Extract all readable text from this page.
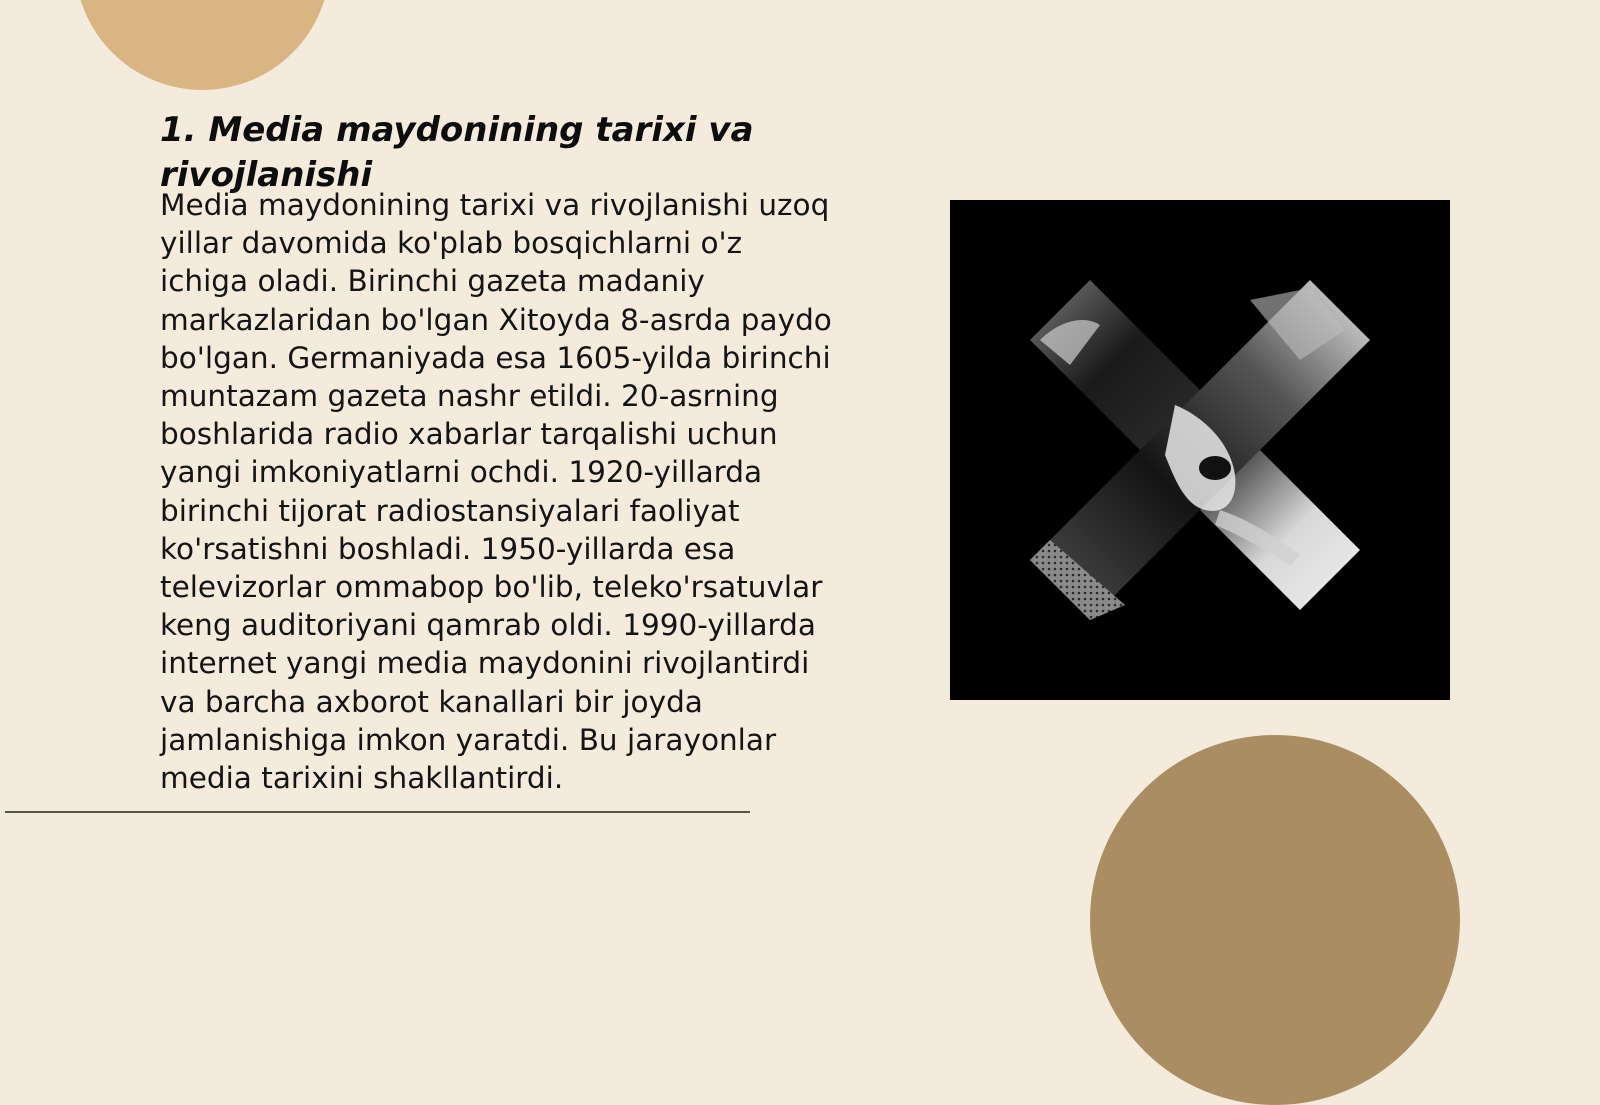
1. Media maydonining tarixi va rivojlanishi

Media maydonining tarixi va rivojlanishi uzoq
yillar davomida ko'plab bosqichlarni o'z
ichiga oladi. Birinchi gazeta madaniy
markazlaridan bo'lgan Xitoyda 8-asrda paydo
bo'lgan. Germaniyada esa 1605-yilda birinchi
muntazam gazeta nashr etildi. 20-asrning
boshlarida radio xabarlar tarqalishi uchun
yangi imkoniyatlarni ochdi. 1920-yillarda
birinchi tijorat radiostansiyalari faoliyat
ko'rsatishni boshladi. 1950-yillarda esa
televizorlar ommabop bo'lib, teleko'rsatuvlar
keng auditoriyani qamrab oldi. 1990-yillarda
internet yangi media maydonini rivojlantirdi
va barcha axborot kanallari bir joyda
jamlanishiga imkon yaratdi. Bu jarayonlar
media tarixini shakllantirdi.
